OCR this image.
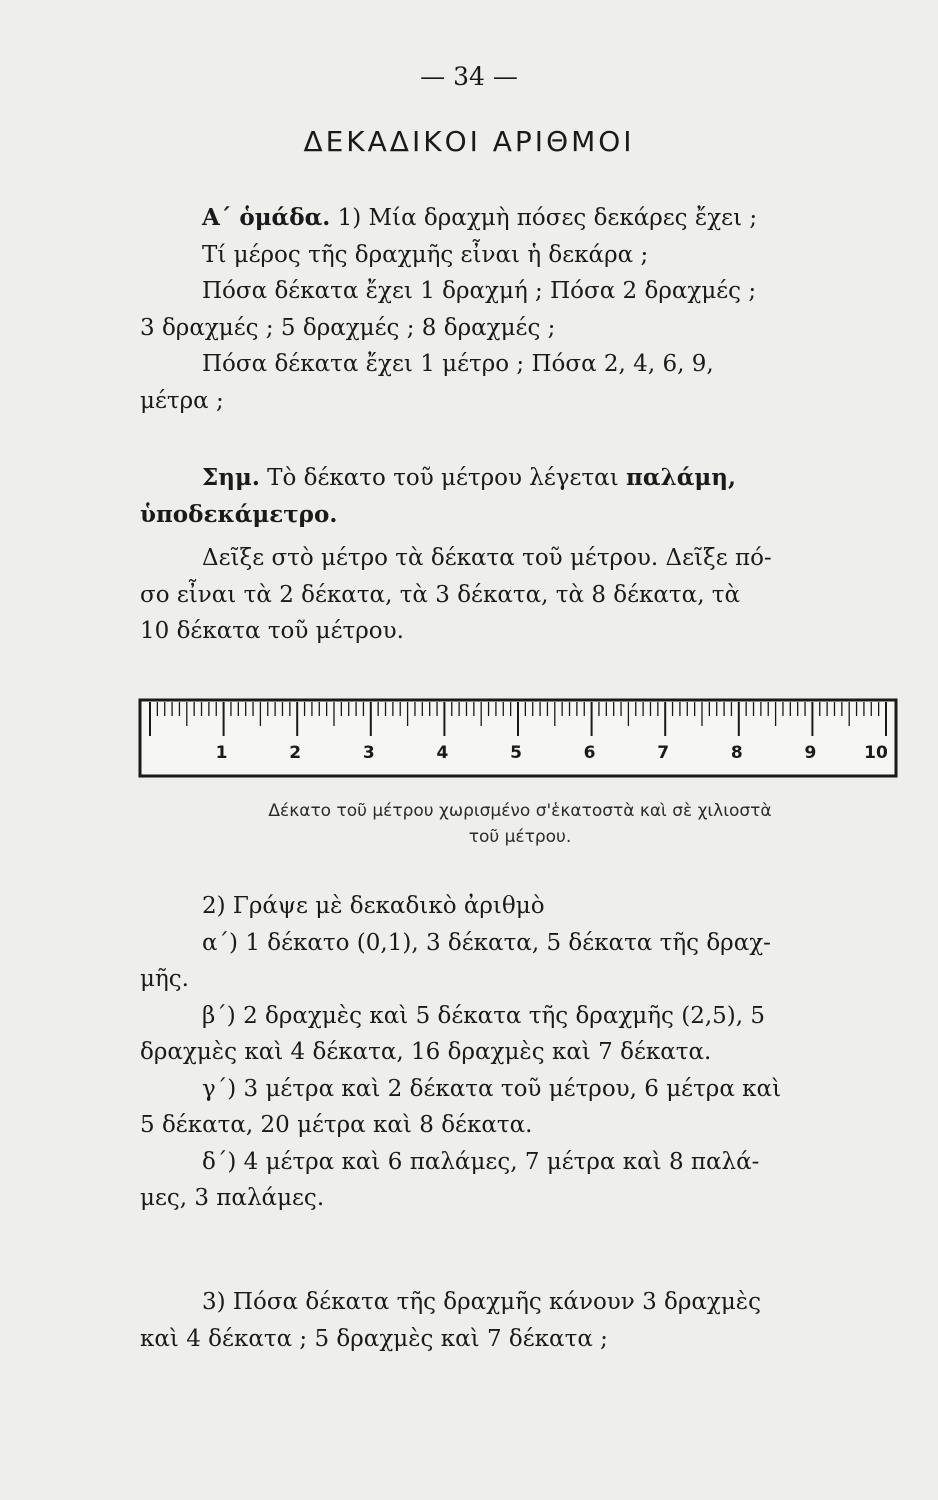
— 34 —
ΔΕΚΑΔΙΚΟΙ ΑΡΙΘΜΟΙ
Α΄ ὁμάδα. 1) Μία δραχμὴ πόσες δεκάρες ἔχει ;
Τί μέρος τῆς δραχμῆς εἶναι ἡ δεκάρα ;
Πόσα δέκατα ἔχει 1 δραχμή ; Πόσα 2 δραχμές ;
3 δραχμές ; 5 δραχμές ; 8 δραχμές ;
Πόσα δέκατα ἔχει 1 μέτρο ; Πόσα 2, 4, 6, 9,
μέτρα ;
Σημ. Τὸ δέκατο τοῦ μέτρου λέγεται παλάμη,
ὑποδεκάμετρο.
Δεῖξε στὸ μέτρο τὰ δέκατα τοῦ μέτρου. Δεῖξε πό-
σο εἶναι τὰ 2 δέκατα, τὰ 3 δέκατα, τὰ 8 δέκατα, τὰ
10 δέκατα τοῦ μέτρου.
1	2	3	4	5	6	7	8	9	10
Δέκατο τοῦ μέτρου χωρισμένο σ'ἑκατοστὰ καὶ σὲ χιλιοστὰ
τοῦ μέτρου.
2) Γράψε μὲ δεκαδικὸ ἀριθμὸ
α΄) 1 δέκατο (0,1), 3 δέκατα, 5 δέκατα τῆς δραχ-
μῆς.
β΄) 2 δραχμὲς καὶ 5 δέκατα τῆς δραχμῆς (2,5), 5
δραχμὲς καὶ 4 δέκατα, 16 δραχμὲς καὶ 7 δέκατα.
γ΄) 3 μέτρα καὶ 2 δέκατα τοῦ μέτρου, 6 μέτρα καὶ
5 δέκατα, 20 μέτρα καὶ 8 δέκατα.
δ΄) 4 μέτρα καὶ 6 παλάμες, 7 μέτρα καὶ 8 παλά-
μες, 3 παλάμες.
3) Πόσα δέκατα τῆς δραχμῆς κάνουν 3 δραχμὲς
καὶ 4 δέκατα ; 5 δραχμὲς καὶ 7 δέκατα ;
